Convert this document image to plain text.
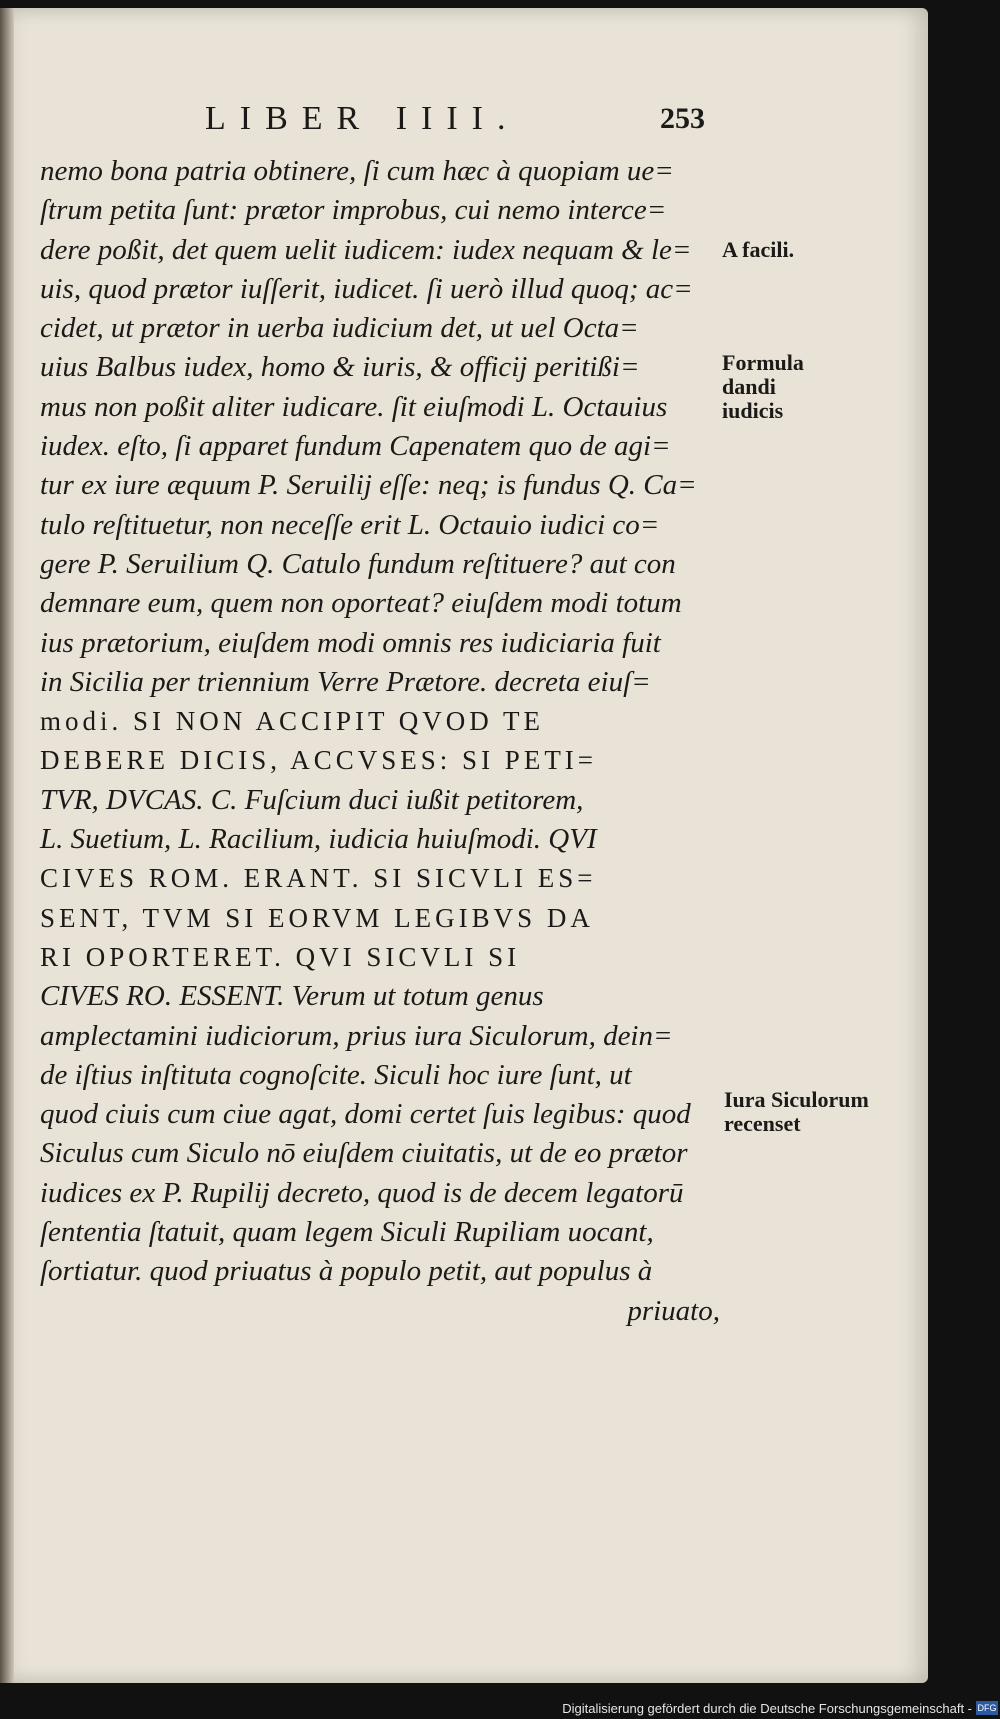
LIBER IIII.	253
nemo bona patria obtinere, ſi cum hæc à quopiam ue=
ſtrum petita ſunt: prætor improbus, cui nemo interce=
dere poßit, det quem uelit iudicem: iudex nequam & le=
uis, quod prætor iuſſerit, iudicet. ſi uerò illud quoq; ac=
cidet, ut prætor in uerba iudicium det, ut uel Octa=
uius Balbus iudex, homo & iuris, & officij peritißi=
mus non poßit aliter iudicare. ſit eiuſmodi L. Octauius
iudex. eſto, ſi apparet fundum Capenatem quo de agi=
tur ex iure æquum P. Seruilij eſſe: neq; is fundus Q. Ca=
tulo reſtituetur, non neceſſe erit L. Octauio iudici co=
gere P. Seruilium Q. Catulo fundum reſtituere? aut con
demnare eum, quem non oporteat? eiuſdem modi totum
ius prætorium, eiuſdem modi omnis res iudiciaria fuit
in Sicilia per triennium Verre Prætore. decreta eiuſ=
modi. SI NON ACCIPIT QVOD TE
DEBERE DICIS, ACCVSES: SI PETI=
TVR, DVCAS. C. Fuſcium duci iußit petitorem,
L. Suetium, L. Racilium, iudicia huiuſmodi. QVI
CIVES ROM. ERANT. SI SICVLI ES=
SENT, TVM SI EORVM LEGIBVS DA
RI OPORTERET. QVI SICVLI SI
CIVES RO. ESSENT. Verum ut totum genus
amplectamini iudiciorum, prius iura Siculorum, dein=
de iſtius inſtituta cognoſcite. Siculi hoc iure ſunt, ut
quod ciuis cum ciue agat, domi certet ſuis legibus: quod
Siculus cum Siculo nō eiuſdem ciuitatis, ut de eo prætor
iudices ex P. Rupilij decreto, quod is de decem legatorū
ſententia ſtatuit, quam legem Siculi Rupiliam uocant,
ſortiatur. quod priuatus à populo petit, aut populus à
priuato,
A facili.
Formula dandi iudicis
Iura Siculorum recenset
Digitalisierung gefördert durch die Deutsche Forschungsgemeinschaft - DFG
